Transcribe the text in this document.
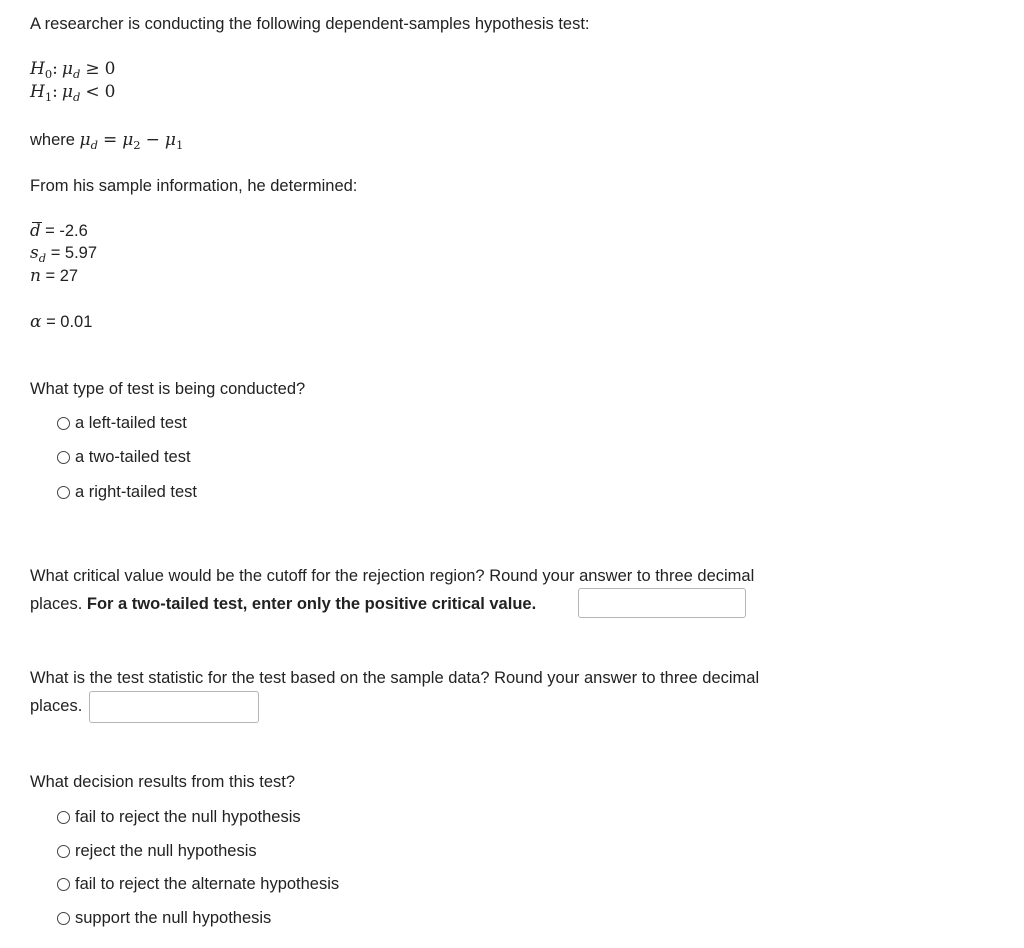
A researcher is conducting the following dependent-samples hypothesis test:
$H_0$: $\mu_d \ge 0$
$H_1$: $\mu_d < 0$
where $\mu_d = \mu_2 - \mu_1$
From his sample information, he determined:
d = -2.6
$s_d = 5.97$
n = 27
α = 0.01
What type of test is being conducted?
a left-tailed test
a two-tailed test
a right-tailed test
What critical value would be the cutoff for the rejection region? Round your answer to three decimal
places. For a two-tailed test, enter only the positive critical value.
What is the test statistic for the test based on the sample data? Round your answer to three decimal
places.
What decision results from this test?
fail to reject the null hypothesis
reject the null hypothesis
fail to reject the alternate hypothesis
support the null hypothesis
